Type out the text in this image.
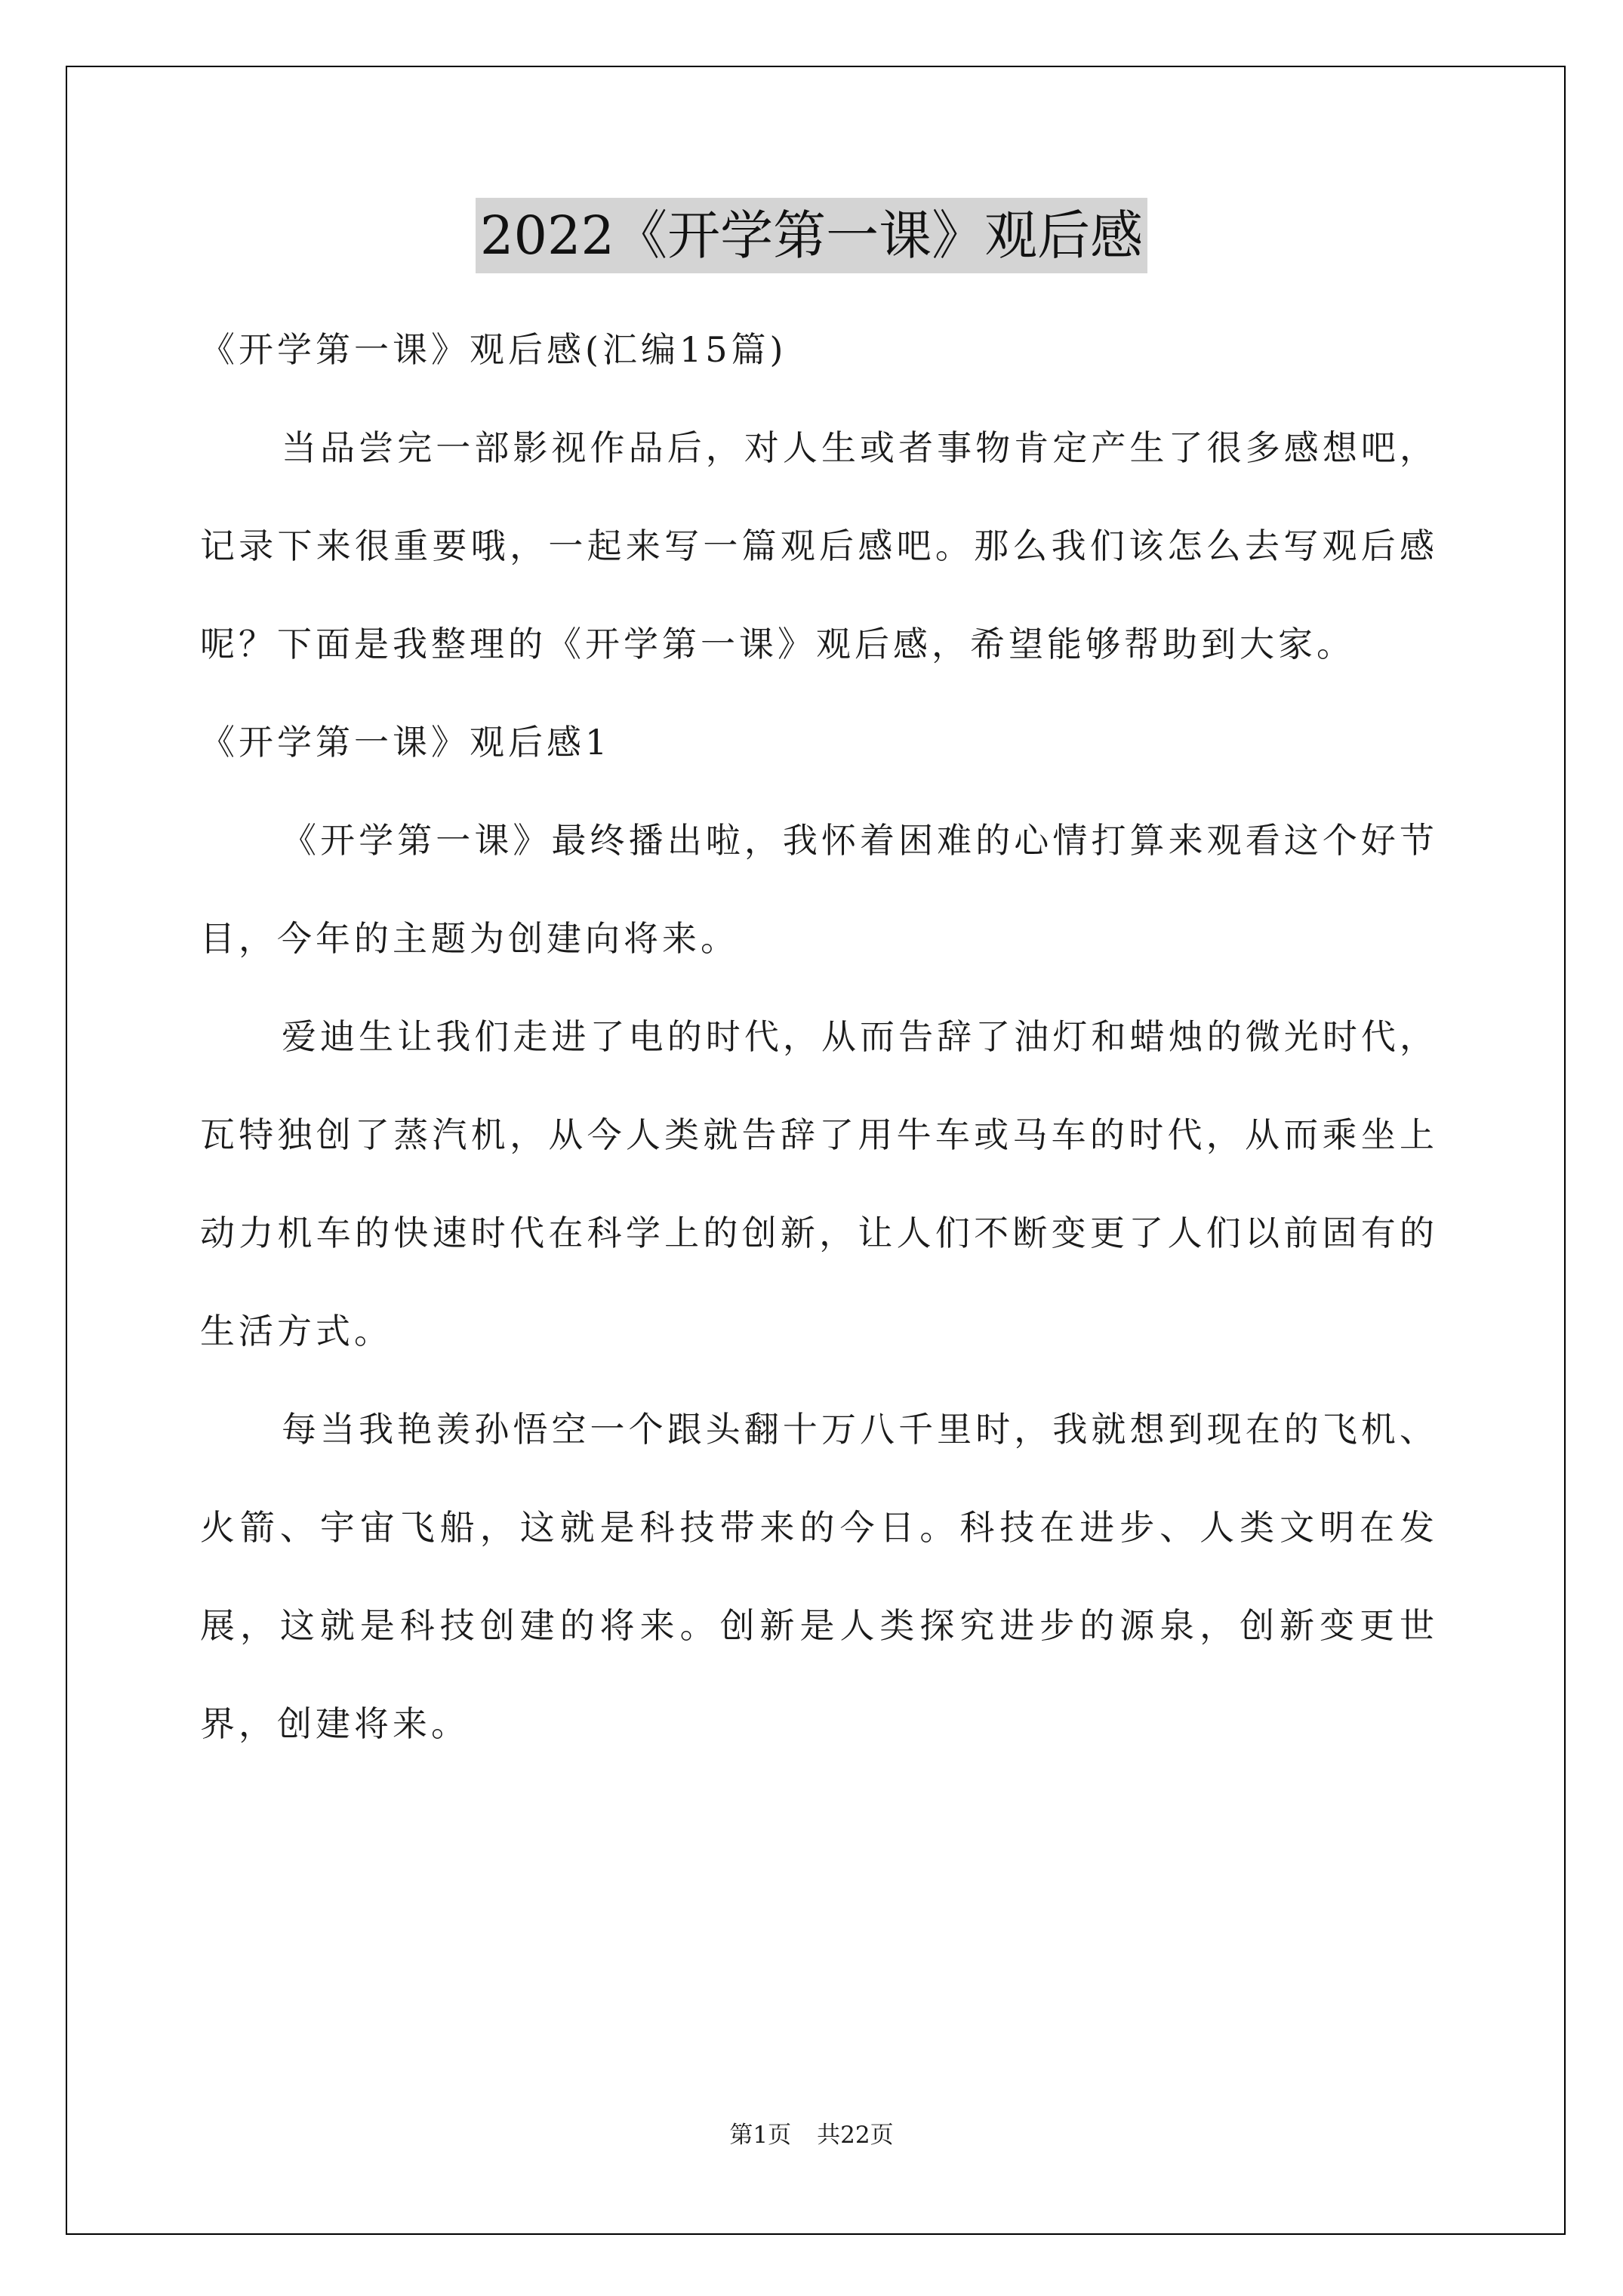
2022《开学第一课》观后感

《开学第一课》观后感(汇编15篇)

当品尝完一部影视作品后，对人生或者事物肯定产生了很多感想吧，记录下来很重要哦，一起来写一篇观后感吧。那么我们该怎么去写观后感呢？下面是我整理的《开学第一课》观后感，希望能够帮助到大家。

《开学第一课》观后感1

《开学第一课》最终播出啦，我怀着困难的心情打算来观看这个好节目，今年的主题为创建向将来。

爱迪生让我们走进了电的时代，从而告辞了油灯和蜡烛的微光时代，瓦特独创了蒸汽机，从今人类就告辞了用牛车或马车的时代，从而乘坐上动力机车的快速时代在科学上的创新，让人们不断变更了人们以前固有的生活方式。

每当我艳羡孙悟空一个跟头翻十万八千里时，我就想到现在的飞机、火箭、宇宙飞船，这就是科技带来的今日。科技在进步、人类文明在发展，这就是科技创建的将来。创新是人类探究进步的源泉，创新变更世界，创建将来。

第1页 共22页
